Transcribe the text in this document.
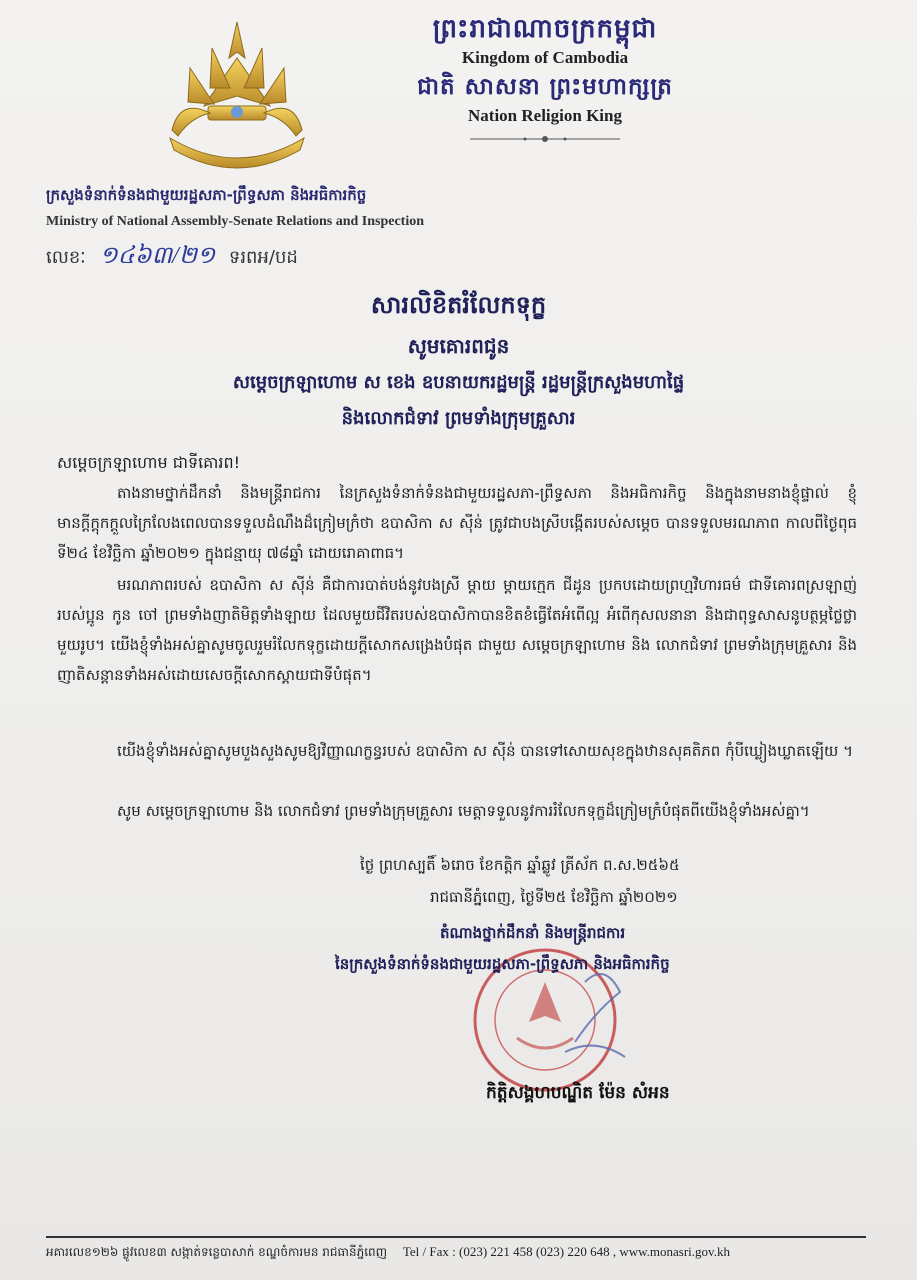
ព្រះរាជាណាចក្រកម្ពុជា
Kingdom of Cambodia
ជាតិ សាសនា ព្រះមហាក្សត្រ
Nation Religion King
ក្រសួងទំនាក់ទំនងជាមួយរដ្ឋសភា-ព្រឹទ្ធសភា និងអធិការកិច្ច
Ministry of National Assembly-Senate Relations and Inspection
លេខៈ ១៤៦៣/២១ ទរពអ/បដ
សារលិខិតរំលែកទុក្ខ
សូមគោរពជូន
សម្តេចក្រឡាហោម ស ខេង ឧបនាយករដ្ឋមន្ត្រី រដ្ឋមន្ត្រីក្រសួងមហាផ្ទៃ
និងលោកជំទាវ ព្រមទាំងក្រុមគ្រួសារ
សម្តេចក្រឡាហោម ជាទីគោរព!
តាងនាមថ្នាក់ដឹកនាំ និងមន្ត្រីរាជការ នៃក្រសួងទំនាក់ទំនងជាមួយរដ្ឋសភា-ព្រឹទ្ធសភា និងអធិការកិច្ច និងក្នុងនាមនាងខ្ញុំផ្ទាល់ ខ្ញុំមានក្តីក្តុកក្តួលក្រៃលែងពេលបានទទួលដំណឹងដ៏ក្រៀមក្រំថា ឧបាសិកា ស ស៊ីន់ ត្រូវជាបងស្រីបង្កើតរបស់សម្តេច បានទទួលមរណភាព កាលពីថ្ងៃពុធ ទី២៤ ខែវិច្ឆិកា ឆ្នាំ២០២១ ក្នុងជន្មាយុ ៧៨ឆ្នាំ ដោយរោគាពាធ។
មរណភាពរបស់ ឧបាសិកា ស ស៊ីន់ គឺជាការបាត់បង់នូវបងស្រី ម្តាយ ម្តាយក្មេក ជីដូន ប្រកបដោយព្រហ្មវិហារធម៌ ជាទីគោរពស្រឡាញ់របស់ប្អូន កូន ចៅ ព្រមទាំងញាតិមិត្តទាំងឡាយ ដែលមួយជីវិតរបស់ឧបាសិកាបានខិតខំធ្វើតែអំពើល្អ អំពើកុសលនានា និងជាពុទ្ធសាសនូបត្ថម្ភថ្លៃថ្លាមួយរូប។ យើងខ្ញុំទាំងអស់គ្នាសូមចូលរួមរំលែកទុក្ខដោយក្តីសោកសង្រេងបំផុត ជាមួយ សម្តេចក្រឡាហោម និង លោកជំទាវ ព្រមទាំងក្រុមគ្រួសារ និងញាតិសន្តានទាំងអស់ដោយសេចក្តីសោកស្តាយជាទីបំផុត។
យើងខ្ញុំទាំងអស់គ្នាសូមបួងសួងសូមឱ្យវិញ្ញាណក្ខន្ធរបស់ ឧបាសិកា ស ស៊ីន់ បានទៅសោយសុខក្នុងឋានសុគតិភព កុំបីឃ្លៀងឃ្លាតឡើយ ។
សូម សម្តេចក្រឡាហោម និង លោកជំទាវ ព្រមទាំងក្រុមគ្រួសារ មេត្តាទទួលនូវការរំលែកទុក្ខដ៏ក្រៀមក្រំបំផុតពីយើងខ្ញុំទាំងអស់គ្នា។
ថ្ងៃ ព្រហស្បតិ៍ ៦រោច ខែកត្តិក ឆ្នាំឆ្លូវ ត្រីស័ក ព.ស.២៥៦៥
រាជធានីភ្នំពេញ, ថ្ងៃទី២៥ ខែវិច្ឆិកា ឆ្នាំ២០២១
តំណាងថ្នាក់ដឹកនាំ និងមន្ត្រីរាជការ
នៃក្រសួងទំនាក់ទំនងជាមួយរដ្ឋសភា-ព្រឹទ្ធសភា និងអធិការកិច្ច
កិត្តិសង្គហបណ្ឌិត ម៉ែន សំអន
អគារលេខ១២៦ ផ្លូវលេខ៣ សង្កាត់ទន្លេបាសាក់ ខណ្ឌចំការមន រាជធានីភ្នំពេញ Tel / Fax : (023) 221 458 (023) 220 648 , www.monasri.gov.kh
